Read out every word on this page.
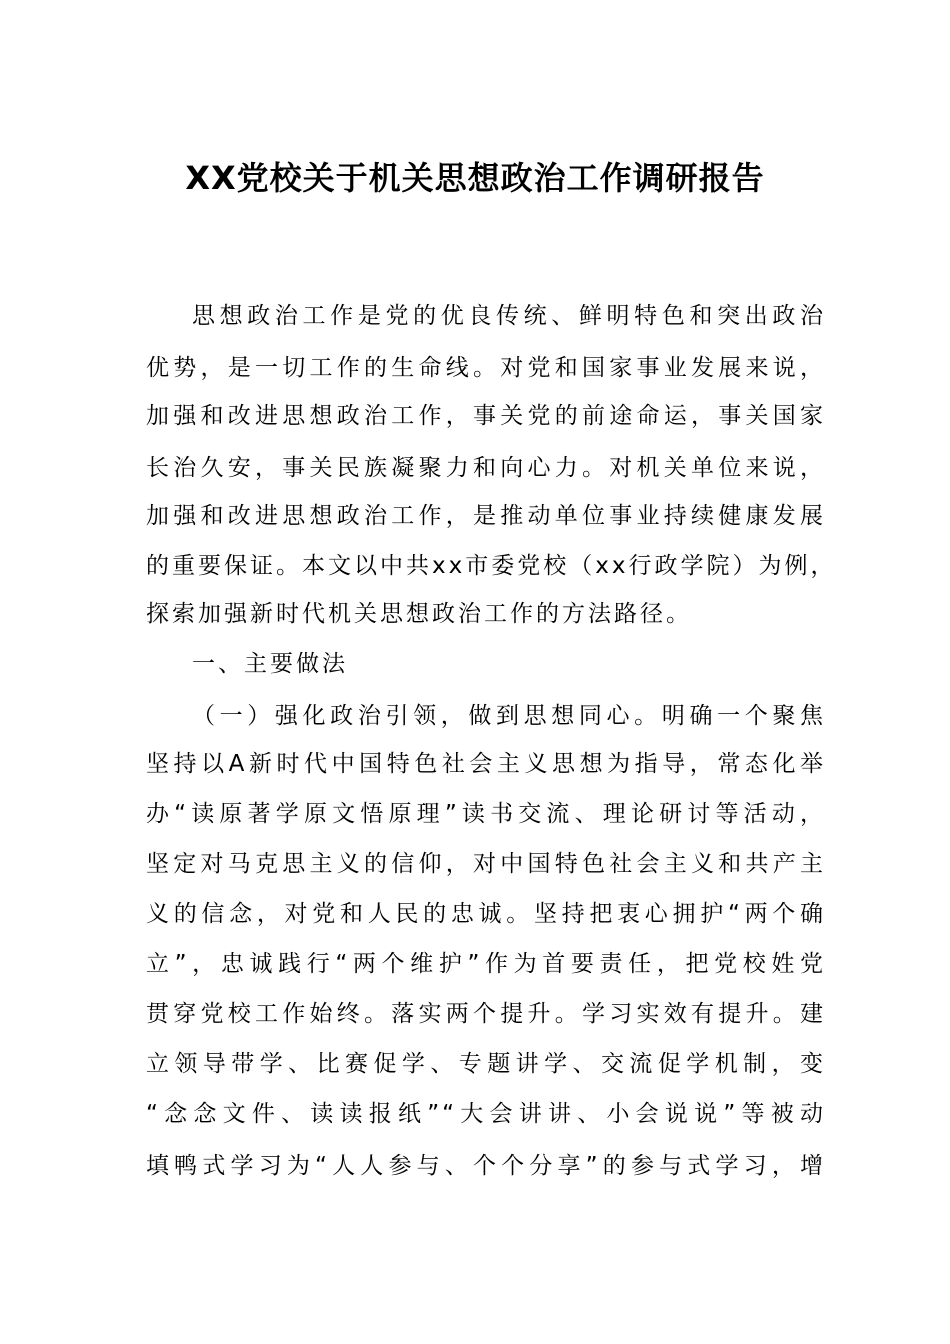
XX党校关于机关思想政治工作调研报告
思想政治工作是党的优良传统、鲜明特色和突出政治
优势，是一切工作的生命线。对党和国家事业发展来说，
加强和改进思想政治工作，事关党的前途命运，事关国家
长治久安，事关民族凝聚力和向心力。对机关单位来说，
加强和改进思想政治工作，是推动单位事业持续健康发展
的重要保证。本文以中共xx市委党校（xx行政学院）为例，
探索加强新时代机关思想政治工作的方法路径。
一、主要做法
（一）强化政治引领，做到思想同心。明确一个聚焦
坚持以A新时代中国特色社会主义思想为指导，常态化举
办“读原著学原文悟原理”读书交流、理论研讨等活动，
坚定对马克思主义的信仰，对中国特色社会主义和共产主
义的信念，对党和人民的忠诚。坚持把衷心拥护“两个确
立”，忠诚践行“两个维护”作为首要责任，把党校姓党
贯穿党校工作始终。落实两个提升。学习实效有提升。建
立领导带学、比赛促学、专题讲学、交流促学机制，变
“念念文件、读读报纸”“大会讲讲、小会说说”等被动
填鸭式学习为“人人参与、个个分享”的参与式学习，增
